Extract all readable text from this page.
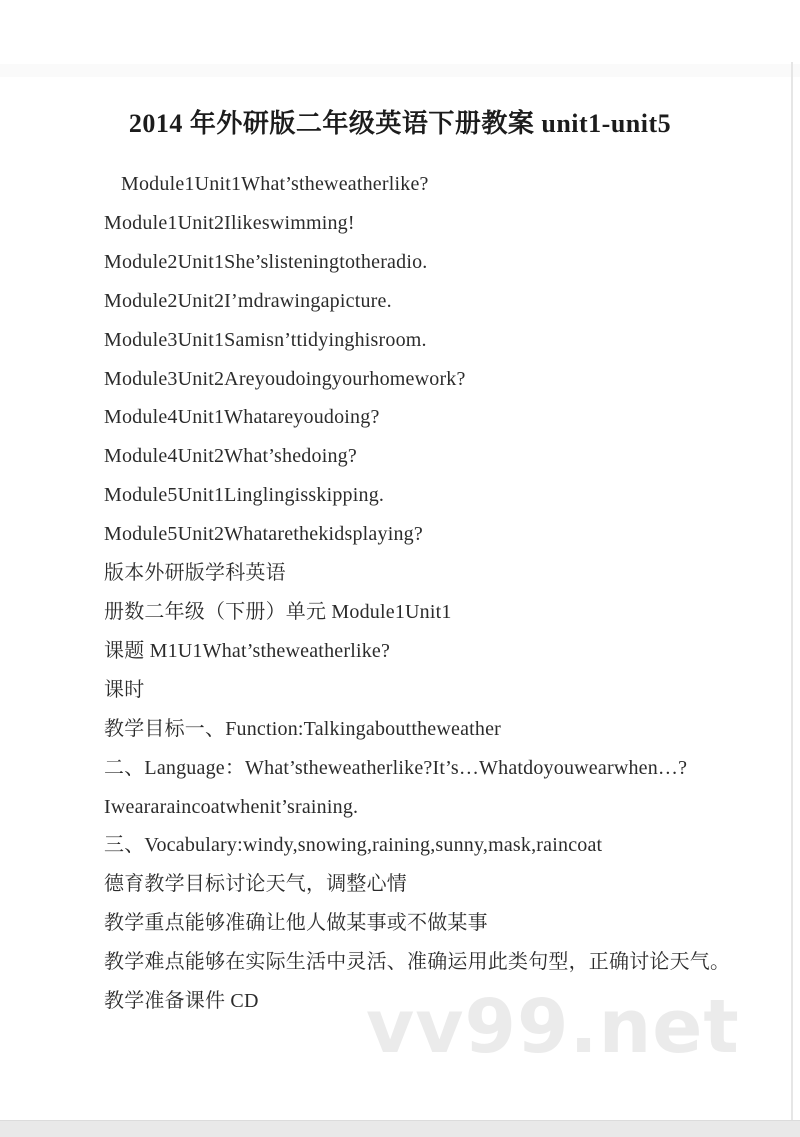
2014 年外研版二年级英语下册教案 unit1-unit5

Module1Unit1What’stheweatherlike?

Module1Unit2Ilikeswimming!

Module2Unit1She’slisteningtotheradio.

Module2Unit2I’mdrawingapicture.

Module3Unit1Samisn’ttidyinghisroom.

Module3Unit2Areyoudoingyourhomework?

Module4Unit1Whatareyoudoing?

Module4Unit2What’shedoing?

Module5Unit1Linglingisskipping.

Module5Unit2Whatarethekidsplaying?

版本外研版学科英语

册数二年级（下册）单元 Module1Unit1

课题 M1U1What’stheweatherlike?

课时

教学目标一、Function:Talkingabouttheweather

二、Language：What’stheweatherlike?It’s…Whatdoyouwearwhen…?

Iweararaincoatwhenit’sraining.

三、Vocabulary:windy,snowing,raining,sunny,mask,raincoat

德育教学目标讨论天气，调整心情

教学重点能够准确让他人做某事或不做某事

教学难点能够在实际生活中灵活、准确运用此类句型，正确讨论天气。

教学准备课件 CD	vv99.net
